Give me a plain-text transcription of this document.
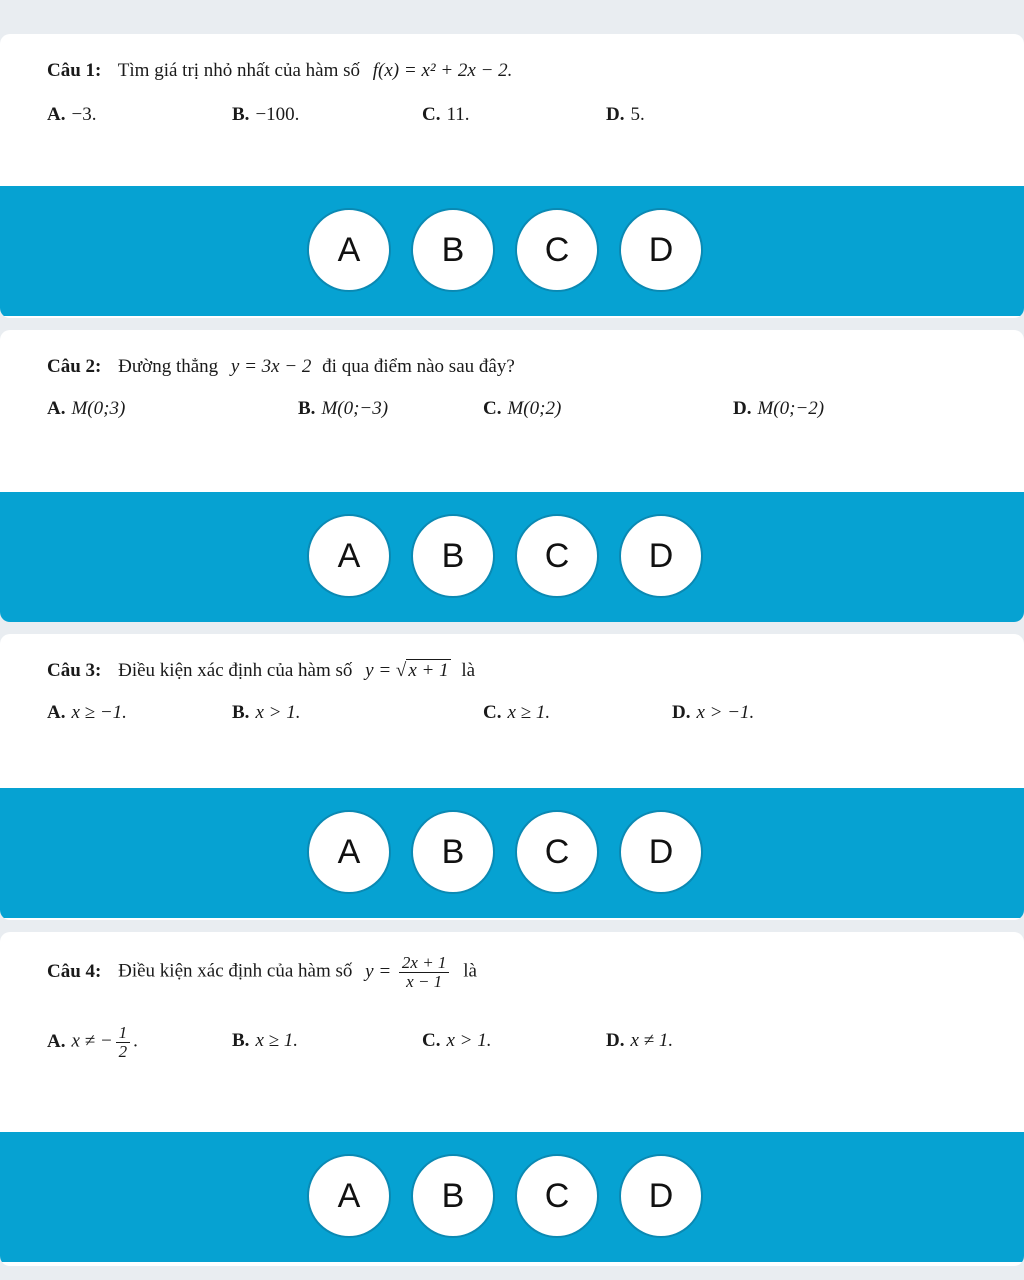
Câu 1: Tìm giá trị nhỏ nhất của hàm số f(x) = x² + 2x − 2.
A. −3.	B. −100.	C. 11.	D. 5.
A	B	C	D
Câu 2: Đường thẳng y = 3x − 2 đi qua điểm nào sau đây?
A. M(0;3)	B. M(0;−3)	C. M(0;2)	D. M(0;−2)
A	B	C	D
Câu 3: Điều kiện xác định của hàm số y = √ x + 1 là
A. x ≥ −1.	B. x > 1.	C. x ≥ 1.	D. x > −1.
A	B	C	D
Câu 4: Điều kiện xác định của hàm số $y = \frac{2x + 1}{x - 1}$ là
A. x ≠ − $\frac{1}{2}$ .	B. x ≥ 1.	C. x > 1.	D. x ≠ 1.
A	B	C	D
